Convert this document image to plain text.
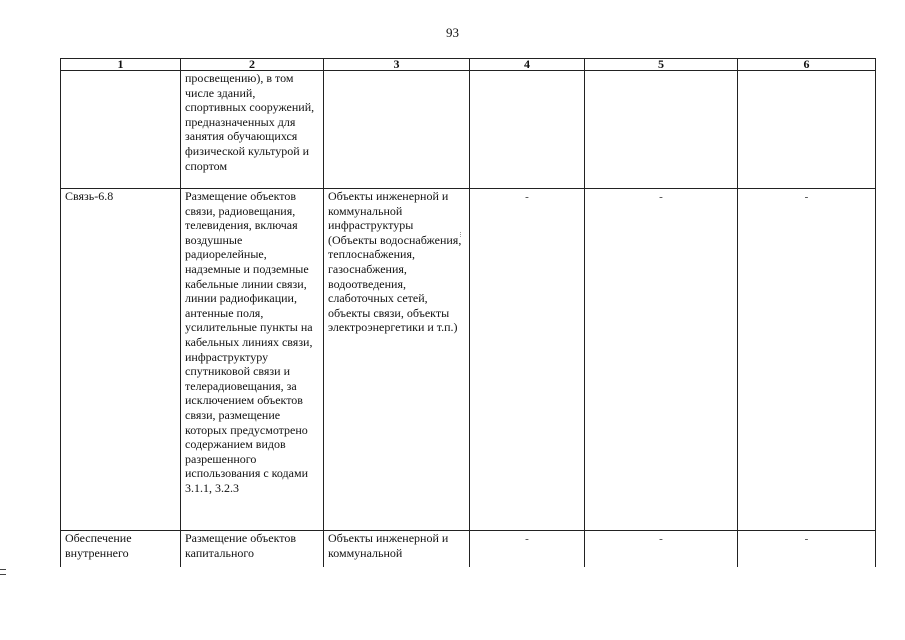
93
1	2	3	4	5	6

	просвещению), в том числе зданий, спортивных сооружений, предназначенных для занятия обучающихся физической культурой и спортом				

Связь-6.8	Размещение объектов связи, радиовещания, телевидения, включая воздушные радиорелейные, надземные и подземные кабельные линии связи, линии радиофикации, антенные поля, усилительные пункты на кабельных линиях связи, инфраструктуру спутниковой связи и телерадиовещания, за исключением объектов связи, размещение которых предусмотрено содержанием видов разрешенного использования с кодами 3.1.1, 3.2.3	Объекты инженерной и коммунальной инфраструктуры (Объекты водоснабжения, теплоснабжения, газоснабжения, водоотведения, слаботочных сетей, объекты связи, объекты электроэнергетики и т.п.)	-	-	-

Обеспечение внутреннего	Размещение объектов капитального	Объекты инженерной и коммунальной	-	-	-
